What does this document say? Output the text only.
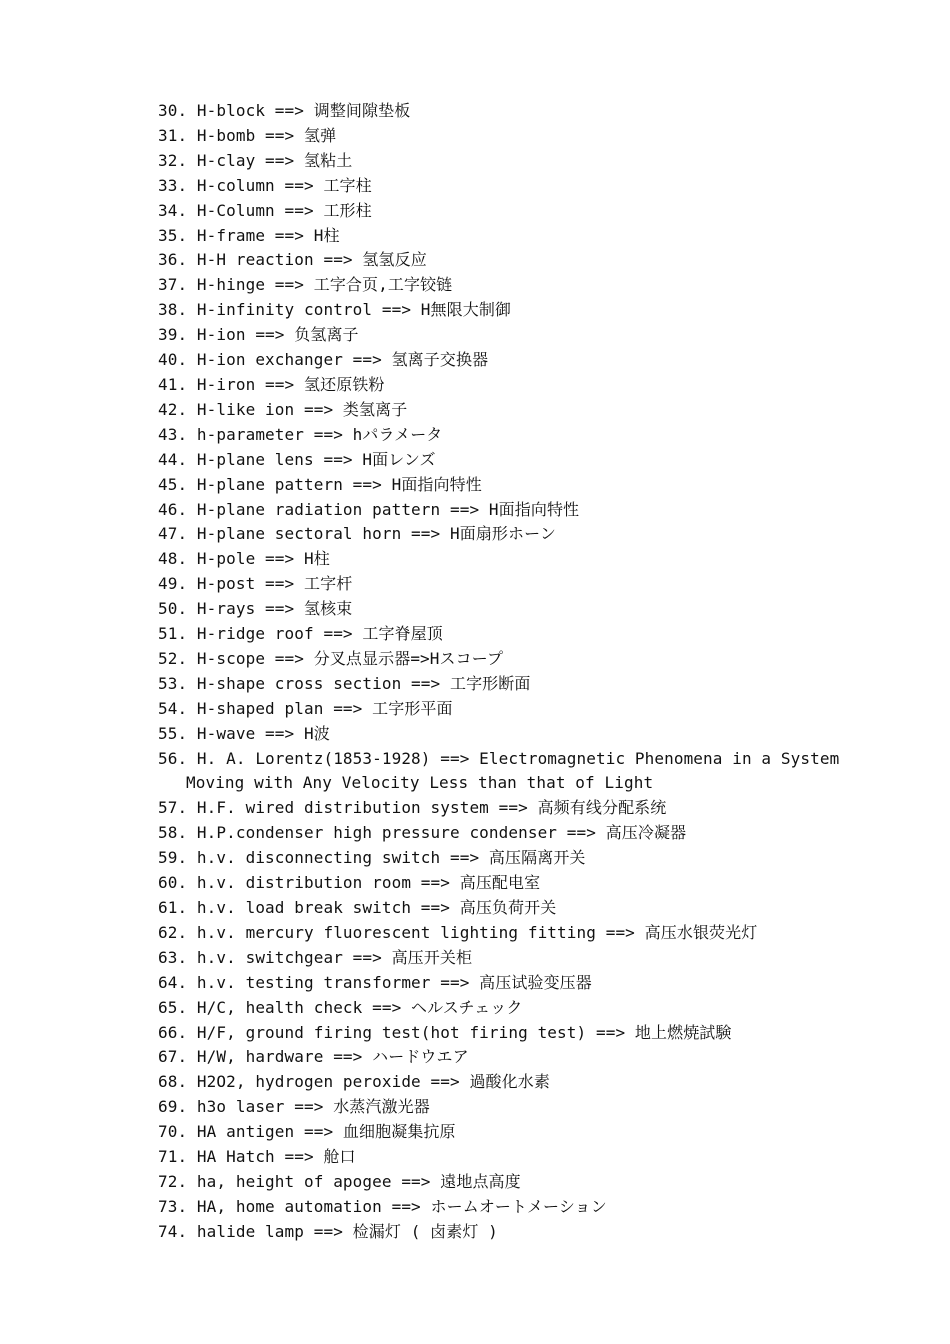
30. H-block ==> 调整间隙垫板
31. H-bomb ==> 氢弹
32. H-clay ==> 氢粘土
33. H-column ==> 工字柱
34. H-Column ==> 工形柱
35. H-frame ==> H柱
36. H-H reaction ==> 氢氢反应
37. H-hinge ==> 工字合页,工字铰链
38. H-infinity control ==> H無限大制御
39. H-ion ==> 负氢离子
40. H-ion exchanger ==> 氢离子交换器
41. H-iron ==> 氢还原铁粉
42. H-like ion ==> 类氢离子
43. h-parameter ==> hパラメータ
44. H-plane lens ==> H面レンズ
45. H-plane pattern ==> H面指向特性
46. H-plane radiation pattern ==> H面指向特性
47. H-plane sectoral horn ==> H面扇形ホーン
48. H-pole ==> H柱
49. H-post ==> 工字杆
50. H-rays ==> 氢核束
51. H-ridge roof ==> 工字脊屋顶
52. H-scope ==> 分叉点显示器=>Hスコープ
53. H-shape cross section ==> 工字形断面
54. H-shaped plan ==> 工字形平面
55. H-wave ==> H波
56. H. A. Lorentz(1853-1928) ==> Electromagnetic Phenomena in a System Moving with Any Velocity Less than that of Light
57. H.F. wired distribution system ==> 高频有线分配系统
58. H.P.condenser high pressure condenser ==> 高压冷凝器
59. h.v. disconnecting switch ==> 高压隔离开关
60. h.v. distribution room ==> 高压配电室
61. h.v. load break switch ==> 高压负荷开关
62. h.v. mercury fluorescent lighting fitting ==> 高压水银荧光灯
63. h.v. switchgear ==> 高压开关柜
64. h.v. testing transformer ==> 高压试验变压器
65. H/C, health check ==> ヘルスチェック
66. H/F, ground firing test(hot firing test) ==> 地上燃焼試験
67. H/W, hardware ==> ハードウエア
68. H2O2, hydrogen peroxide ==> 過酸化水素
69. h3o laser ==> 水蒸汽激光器
70. HA antigen ==> 血细胞凝集抗原
71. HA Hatch ==> 舱口
72. ha, height of apogee ==> 遠地点高度
73. HA, home automation ==> ホームオートメーション
74. halide lamp ==> 检漏灯 ( 卤素灯 )
